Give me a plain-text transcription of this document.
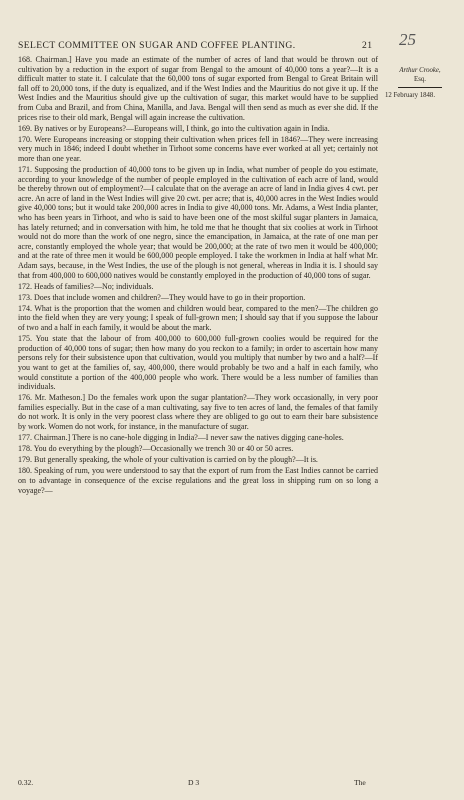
SELECT COMMITTEE ON SUGAR AND COFFEE PLANTING.	21 25
Arthur Crooke,
Esq.
12 February 1848.

168. Chairman.] Have you made an estimate of the number of acres of land that would be thrown out of cultivation by a reduction in the export of sugar from Bengal to the amount of 40,000 tons a year?—It is a difficult matter to state it. I calculate that the 60,000 tons of sugar exported from Bengal to Great Britain will fall off to 20,000 tons, if the duty is equalized, and if the West Indies and the Mauritius do not give it up. If the West Indies and the Mauritius should give up the cultivation of sugar, this market would have to be supplied from Cuba and Brazil, and from China, Manilla, and Java. Bengal will then send as much as ever she did. If the prices rise to their old mark, Bengal will again increase the cultivation.

169. By natives or by Europeans?—Europeans will, I think, go into the cultivation again in India.

170. Were Europeans increasing or stopping their cultivation when prices fell in 1846?—They were increasing very much in 1846; indeed I doubt whether in Tirhoot some concerns have ever worked at all yet; certainly not more than one year.

171. Supposing the production of 40,000 tons to be given up in India, what number of people do you estimate, according to your knowledge of the number of people employed in the cultivation of each acre of land, would be thereby thrown out of employment?—I calculate that on the average an acre of land in India gives 4 cwt. per acre. An acre of land in the West Indies will give 20 cwt. per acre; that is, 40,000 acres in the West Indies would give 40,000 tons; but it would take 200,000 acres in India to give 40,000 tons. Mr. Adams, a West India planter, who has been years in Tirhoot, and who is said to have been one of the most skilful sugar planters in Jamaica, has lately returned; and in conversation with him, he told me that he thought that six coolies at work in Tirhoot would not do more than the work of one negro, since the emancipation, in Jamaica, at the rate of one man per acre, constantly employed the whole year; that would be 200,000; at the rate of two men it would be 400,000; and at the rate of three men it would be 600,000 people employed. I take the workmen in India at half what Mr. Adam says, because, in the West Indies, the use of the plough is not general, whereas in India it is. I should say that from 400,000 to 600,000 natives would be constantly employed in the production of 40,000 tons of sugar.

172. Heads of families?—No; individuals.

173. Does that include women and children?—They would have to go in their proportion.

174. What is the proportion that the women and children would bear, compared to the men?—The children go into the field when they are very young; I speak of full-grown men; I should say that if you suppose the labour of two and a half in each family, it would be about the mark.

175. You state that the labour of from 400,000 to 600,000 full-grown coolies would be required for the production of 40,000 tons of sugar; then how many do you reckon to a family; in order to ascertain how many persons rely for their subsistence upon that cultivation, would you multiply that number by two and a half?—If you want to get at the families of, say, 400,000, there would probably be two and a half in each family, who would constitute a portion of the 400,000 people who work. There would be a less number of families than individuals.

176. Mr. Matheson.] Do the females work upon the sugar plantation?—They work occasionally, in very poor families especially. But in the case of a man cultivating, say five to ten acres of land, the females of that family do not work. It is only in the very poorest class where they are obliged to go out to earn their bare subsistence by work. Women do not work, for instance, in the manufacture of sugar.

177. Chairman.] There is no cane-hole digging in India?—I never saw the natives digging cane-holes.

178. You do everything by the plough?—Occasionally we trench 30 or 40 or 50 acres.

179. But generally speaking, the whole of your cultivation is carried on by the plough?—It is.

180. Speaking of rum, you were understood to say that the export of rum from the East Indies cannot be carried on to advantage in consequence of the excise regulations and the great loss in shipping rum on so long a voyage?—

0.32.	D 3	The
